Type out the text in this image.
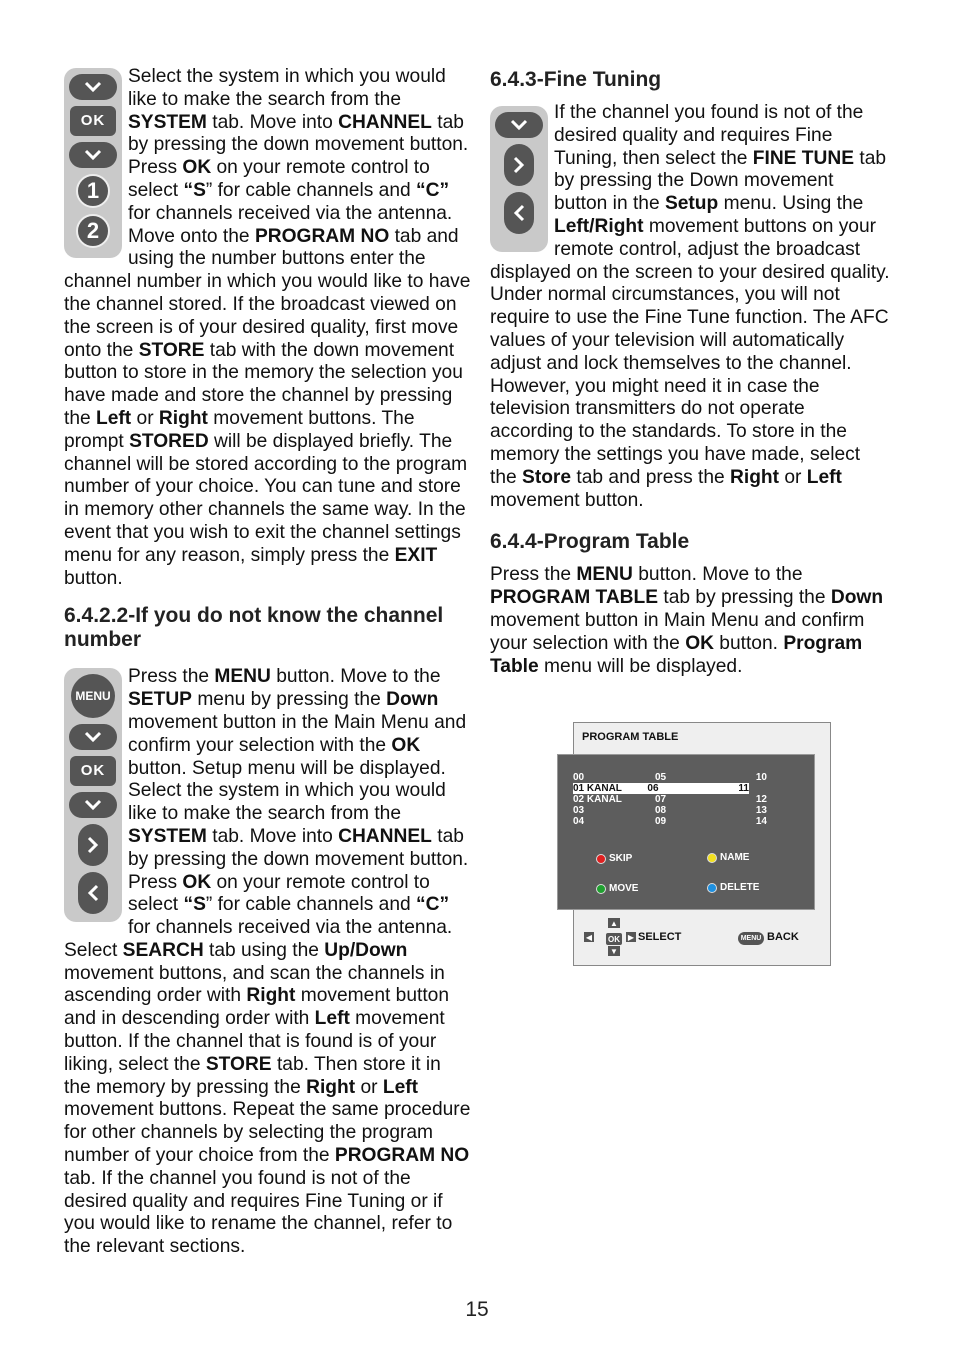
OK
1
2

Select the system in which you would like to make the search from the SYSTEM tab. Move into CHANNEL tab by pressing the down movement button. Press OK on your remote control to select “S” for cable channels and “C” for channels received via the antenna. Move onto the PROGRAM NO tab and using the number buttons enter the channel number in which you would like to have the channel stored. If the broadcast viewed on the screen is of your desired quality, first move onto the STORE tab with the down movement button to store in the memory the selection you have made and store the channel by pressing the Left or Right movement buttons. The prompt STORED will be displayed briefly. The channel will be stored according to the program number of your choice. You can tune and store in memory other channels the same way. In the event that you wish to exit the channel settings menu for any reason, simply press the EXIT button.

6.4.2.2-If you do not know the channel number
MENU
OK

Press the MENU button. Move to the SETUP menu by pressing the Down movement button in the Main Menu and confirm your selection with the OK button. Setup menu will be displayed. Select the system in which you would like to make the search from the SYSTEM tab. Move into CHANNEL tab by pressing the down movement button. Press OK on your remote control to select “S” for cable channels and “C” for channels received via the antenna. Select SEARCH tab using the Up/Down movement buttons, and scan the channels in ascending order with Right movement button and in descending order with Left movement button. If the channel that is found is of your liking, select the STORE tab. Then store it in the memory by pressing the Right or Left movement buttons. Repeat the same procedure for other channels by selecting the program number of your choice from the PROGRAM NO tab. If the channel you found is not of the desired quality and requires Fine Tuning or if you would like to rename the channel, refer to the relevant sections.

6.4.3-Fine Tuning

If the channel you found is not of the desired quality and requires Fine Tuning, then select the FINE TUNE tab by pressing the Down movement button in the Setup menu. Using the Left/Right movement buttons on your remote control, adjust the broadcast displayed on the screen to your desired quality. Under normal circumstances, you will not require to use the Fine Tune function. The AFC values of your television will automatically adjust and lock themselves to the channel. However, you might need it in case the television transmitters do not operate according to the standards. To store in the memory the settings you have made, select the Store tab and press the Right or Left movement button.

6.4.4-Program Table

Press the MENU button. Move to the PROGRAM TABLE tab by pressing the Down movement button in Main Menu and confirm your selection with the OK button. Program Table menu will be displayed.

PROGRAM TABLE
00	05	10
01 KANAL	06	11
02 KANAL	07	12
03	08	13
04	09	14
SKIP	NAME
MOVE	DELETE
▲
▼
◀	▶
OK SELECT	MENU BACK
15
